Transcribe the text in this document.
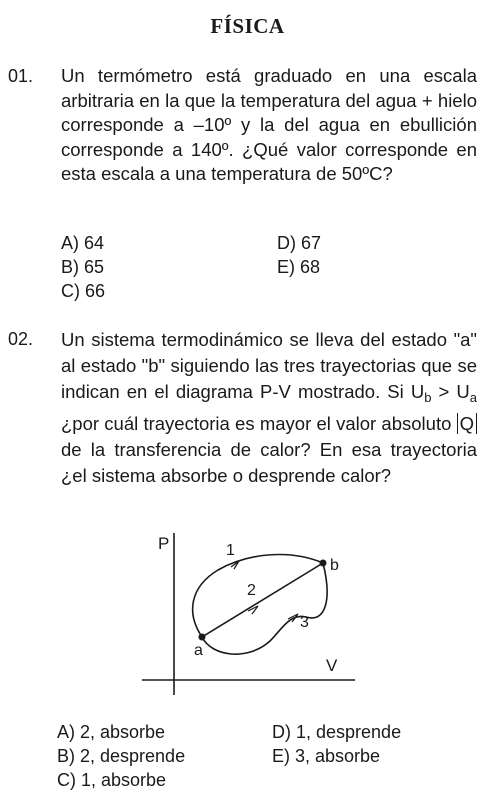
FÍSICA
01. Un termómetro está graduado en una escala arbitraria en la que la temperatura del agua + hielo corresponde a –10º y la del agua en ebullición corresponde a 140º. ¿Qué valor corresponde en esta escala a una temperatura de 50ºC?
A) 64
B) 65
C) 66
D) 67
E) 68
02. Un sistema termodinámico se lleva del estado "a" al estado "b" siguiendo las tres trayectorias que se indican en el diagrama P-V mostrado. Si $U_b > U_a$ ¿por cuál trayectoria es mayor el valor absoluto Q de la transferencia de calor? En esa trayectoria ¿el sistema absorbe o desprende calor?
P
V
a
b
1
2
3
A) 2, absorbe
B) 2, desprende
C) 1, absorbe
D) 1, desprende
E) 3, absorbe
